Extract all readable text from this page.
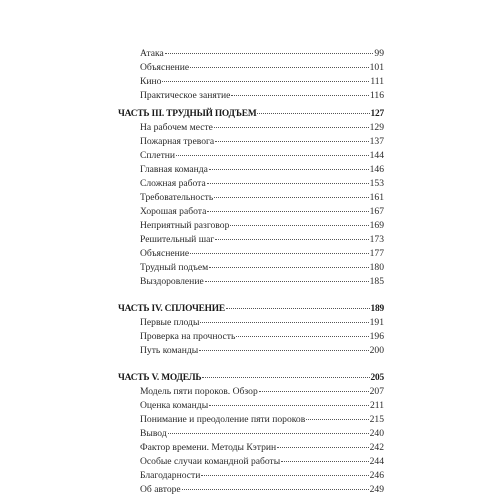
Атака	99
Объяснение	101
Кино	111
Практическое занятие	116
ЧАСТЬ III. ТРУДНЫЙ ПОДЪЕМ	127
На рабочем месте	129
Пожарная тревога	137
Сплетни	144
Главная команда	146
Сложная работа	153
Требовательность	161
Хорошая работа	167
Неприятный разговор	169
Решительный шаг	173
Объяснение	177
Трудный подъем	180
Выздоровление	185
ЧАСТЬ IV. СПЛОЧЕНИЕ	189
Первые плоды	191
Проверка на прочность	196
Путь команды	200
ЧАСТЬ V. МОДЕЛЬ	205
Модель пяти пороков. Обзор	207
Оценка команды	211
Понимание и преодоление пяти пороков	215
Вывод	240
Фактор времени. Методы Кэтрин	242
Особые случаи командной работы	244
Благодарности	246
Об авторе	249
